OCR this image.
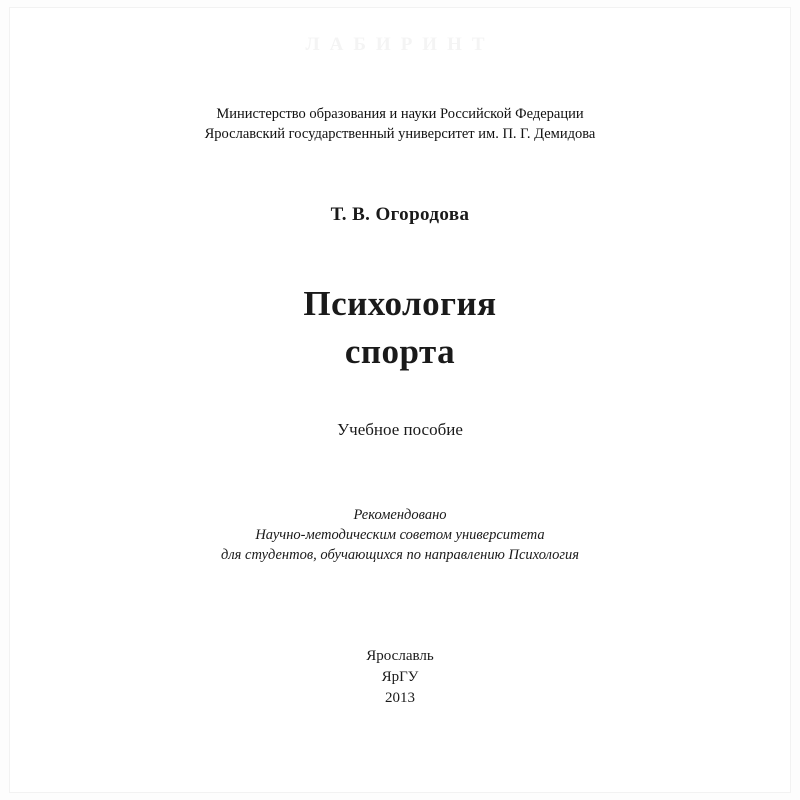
ЛАБИРИНТ
Министерство образования и науки Российской Федерации
Ярославский государственный университет им. П. Г. Демидова
Т. В. Огородова
Психология
спорта
Учебное пособие
Рекомендовано
Научно-методическим советом университета
для студентов, обучающихся по направлению Психология
Ярославль
ЯрГУ
2013
